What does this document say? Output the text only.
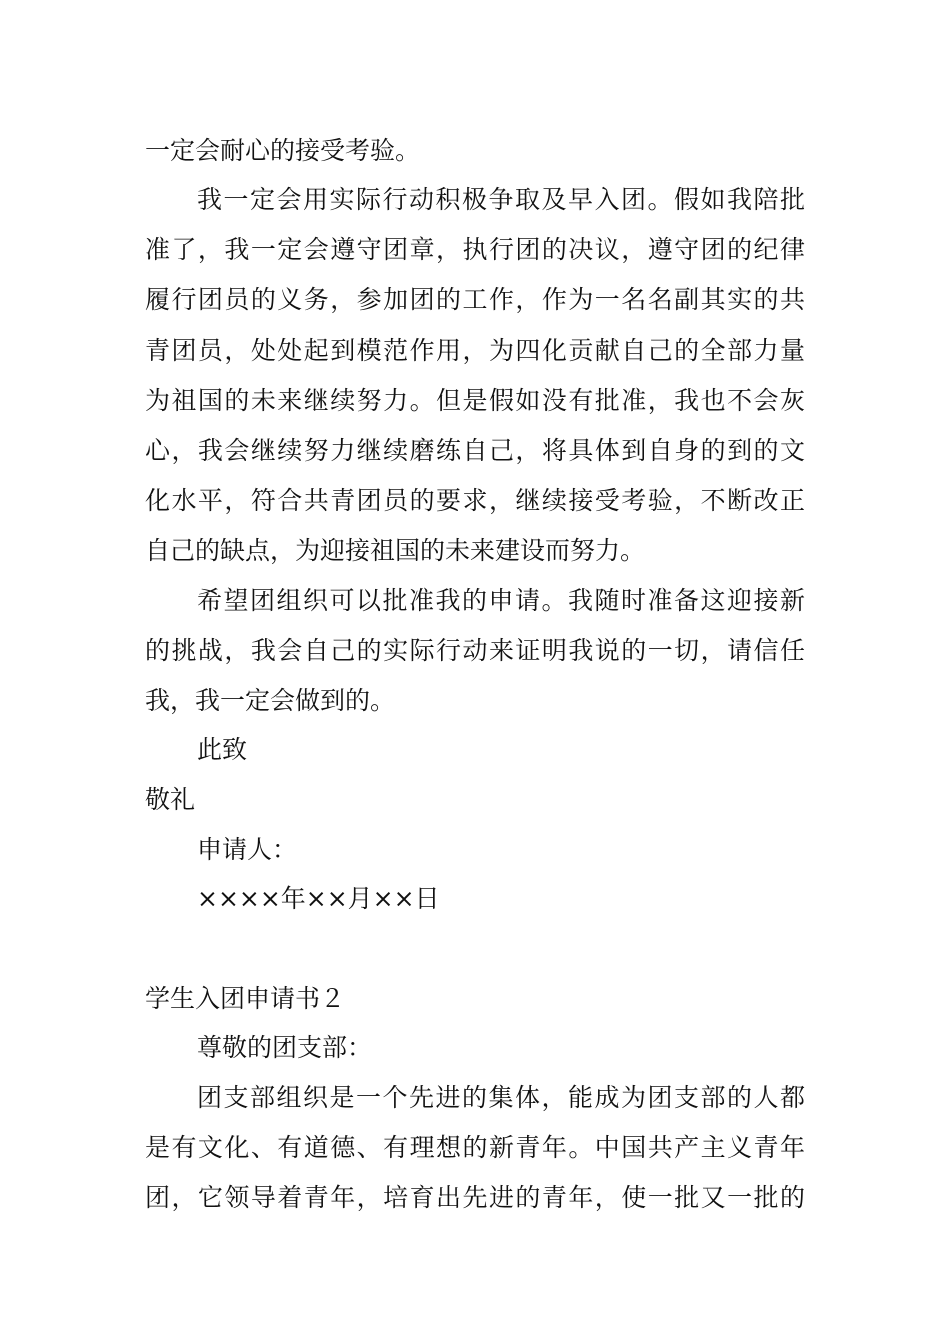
一定会耐心的接受考验。
我一定会用实际行动积极争取及早入团。假如我陪批
准了，我一定会遵守团章，执行团的决议，遵守团的纪律
履行团员的义务，参加团的工作，作为一名名副其实的共
青团员，处处起到模范作用，为四化贡献自己的全部力量
为祖国的未来继续努力。但是假如没有批准，我也不会灰
心，我会继续努力继续磨练自己，将具体到自身的到的文
化水平，符合共青团员的要求，继续接受考验，不断改正
自己的缺点，为迎接祖国的未来建设而努力。
希望团组织可以批准我的申请。我随时准备这迎接新
的挑战，我会自己的实际行动来证明我说的一切，请信任
我，我一定会做到的。
此致
敬礼
申请人：
××××年××月××日
学生入团申请书２
尊敬的团支部：
团支部组织是一个先进的集体，能成为团支部的人都
是有文化、有道德、有理想的新青年。中国共产主义青年
团，它领导着青年，培育出先进的青年，使一批又一批的
